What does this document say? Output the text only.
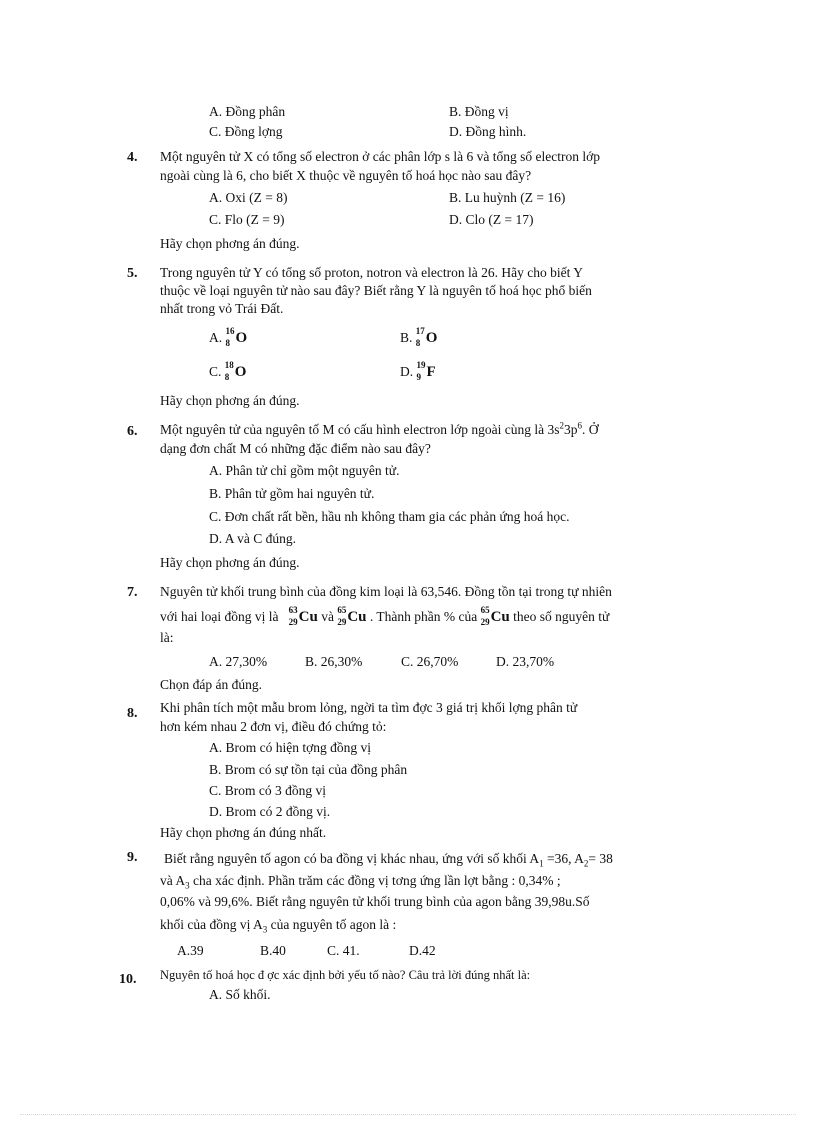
A. Đồng phân	B. Đồng vị
C. Đồng lợng	D. Đồng hình.
4. Một nguyên tử X có tổng số electron ở các phân lớp s là 6 và tổng số electron lớp
ngoài cùng là 6, cho biết X thuộc về nguyên tố hoá học nào sau đây?
A. Oxi (Z = 8)	B. Lu huỳnh (Z = 16)
C. Flo (Z = 9)	D. Clo (Z = 17)
Hãy chọn phơng án đúng.
5. Trong nguyên tử Y có tổng số proton, notron và electron là 26. Hãy cho biết Y
thuộc về loại nguyên tử nào sau đây? Biết rằng Y là nguyên tố hoá học phổ biến
nhất trong vỏ Trái Đất.
A. 16
8 O	B. 17
8 O
C. 18
8 O	D. 19
9 F
Hãy chọn phơng án đúng.
6. Một nguyên tử của nguyên tố M có cấu hình electron lớp ngoài cùng là $3s^23p^6$. Ở
dạng đơn chất M có những đặc điểm nào sau đây?
A. Phân tử chỉ gồm một nguyên tử.
B. Phân tử gồm hai nguyên tử.
C. Đơn chất rất bền, hầu nh không tham gia các phản ứng hoá học.
D. A và C đúng.
Hãy chọn phơng án đúng.
7. Nguyên tử khối trung bình của đồng kim loại là 63,546. Đồng tồn tại trong tự nhiên
với hai loại đồng vị là 63
29 Cu và 65
29 Cu . Thành phần % của 65
29 Cu theo số nguyên tử
là:
A. 27,30%	B. 26,30%	C. 26,70%	D. 23,70%
Chọn đáp án đúng.
8. Khi phân tích một mẫu brom lỏng, ngời ta tìm đợc 3 giá trị khối lợng phân tử
hơn kém nhau 2 đơn vị, điều đó chứng tỏ:
A. Brom có hiện tợng đồng vị
B. Brom có sự tồn tại của đồng phân
C. Brom có 3 đồng vị
D. Brom có 2 đồng vị.
Hãy chọn phơng án đúng nhất.
9. Biết rằng nguyên tố agon có ba đồng vị khác nhau, ứng với số khối $A_1 =36$, $A_2= 38$
và $A_3$ cha xác định. Phần trăm các đồng vị tơng ứng lần lợt bằng : 0,34% ;
0,06% và 99,6%. Biết rằng nguyên tử khối trung bình của agon bằng 39,98u.Số
khối của đồng vị $A_3$ của nguyên tố agon là :
A.39	B.40	C. 41.	D.42
10. Nguyên tố hoá học đ ợc xác định bởi yếu tố nào? Câu trả lời đúng nhất là:
A. Số khối.
